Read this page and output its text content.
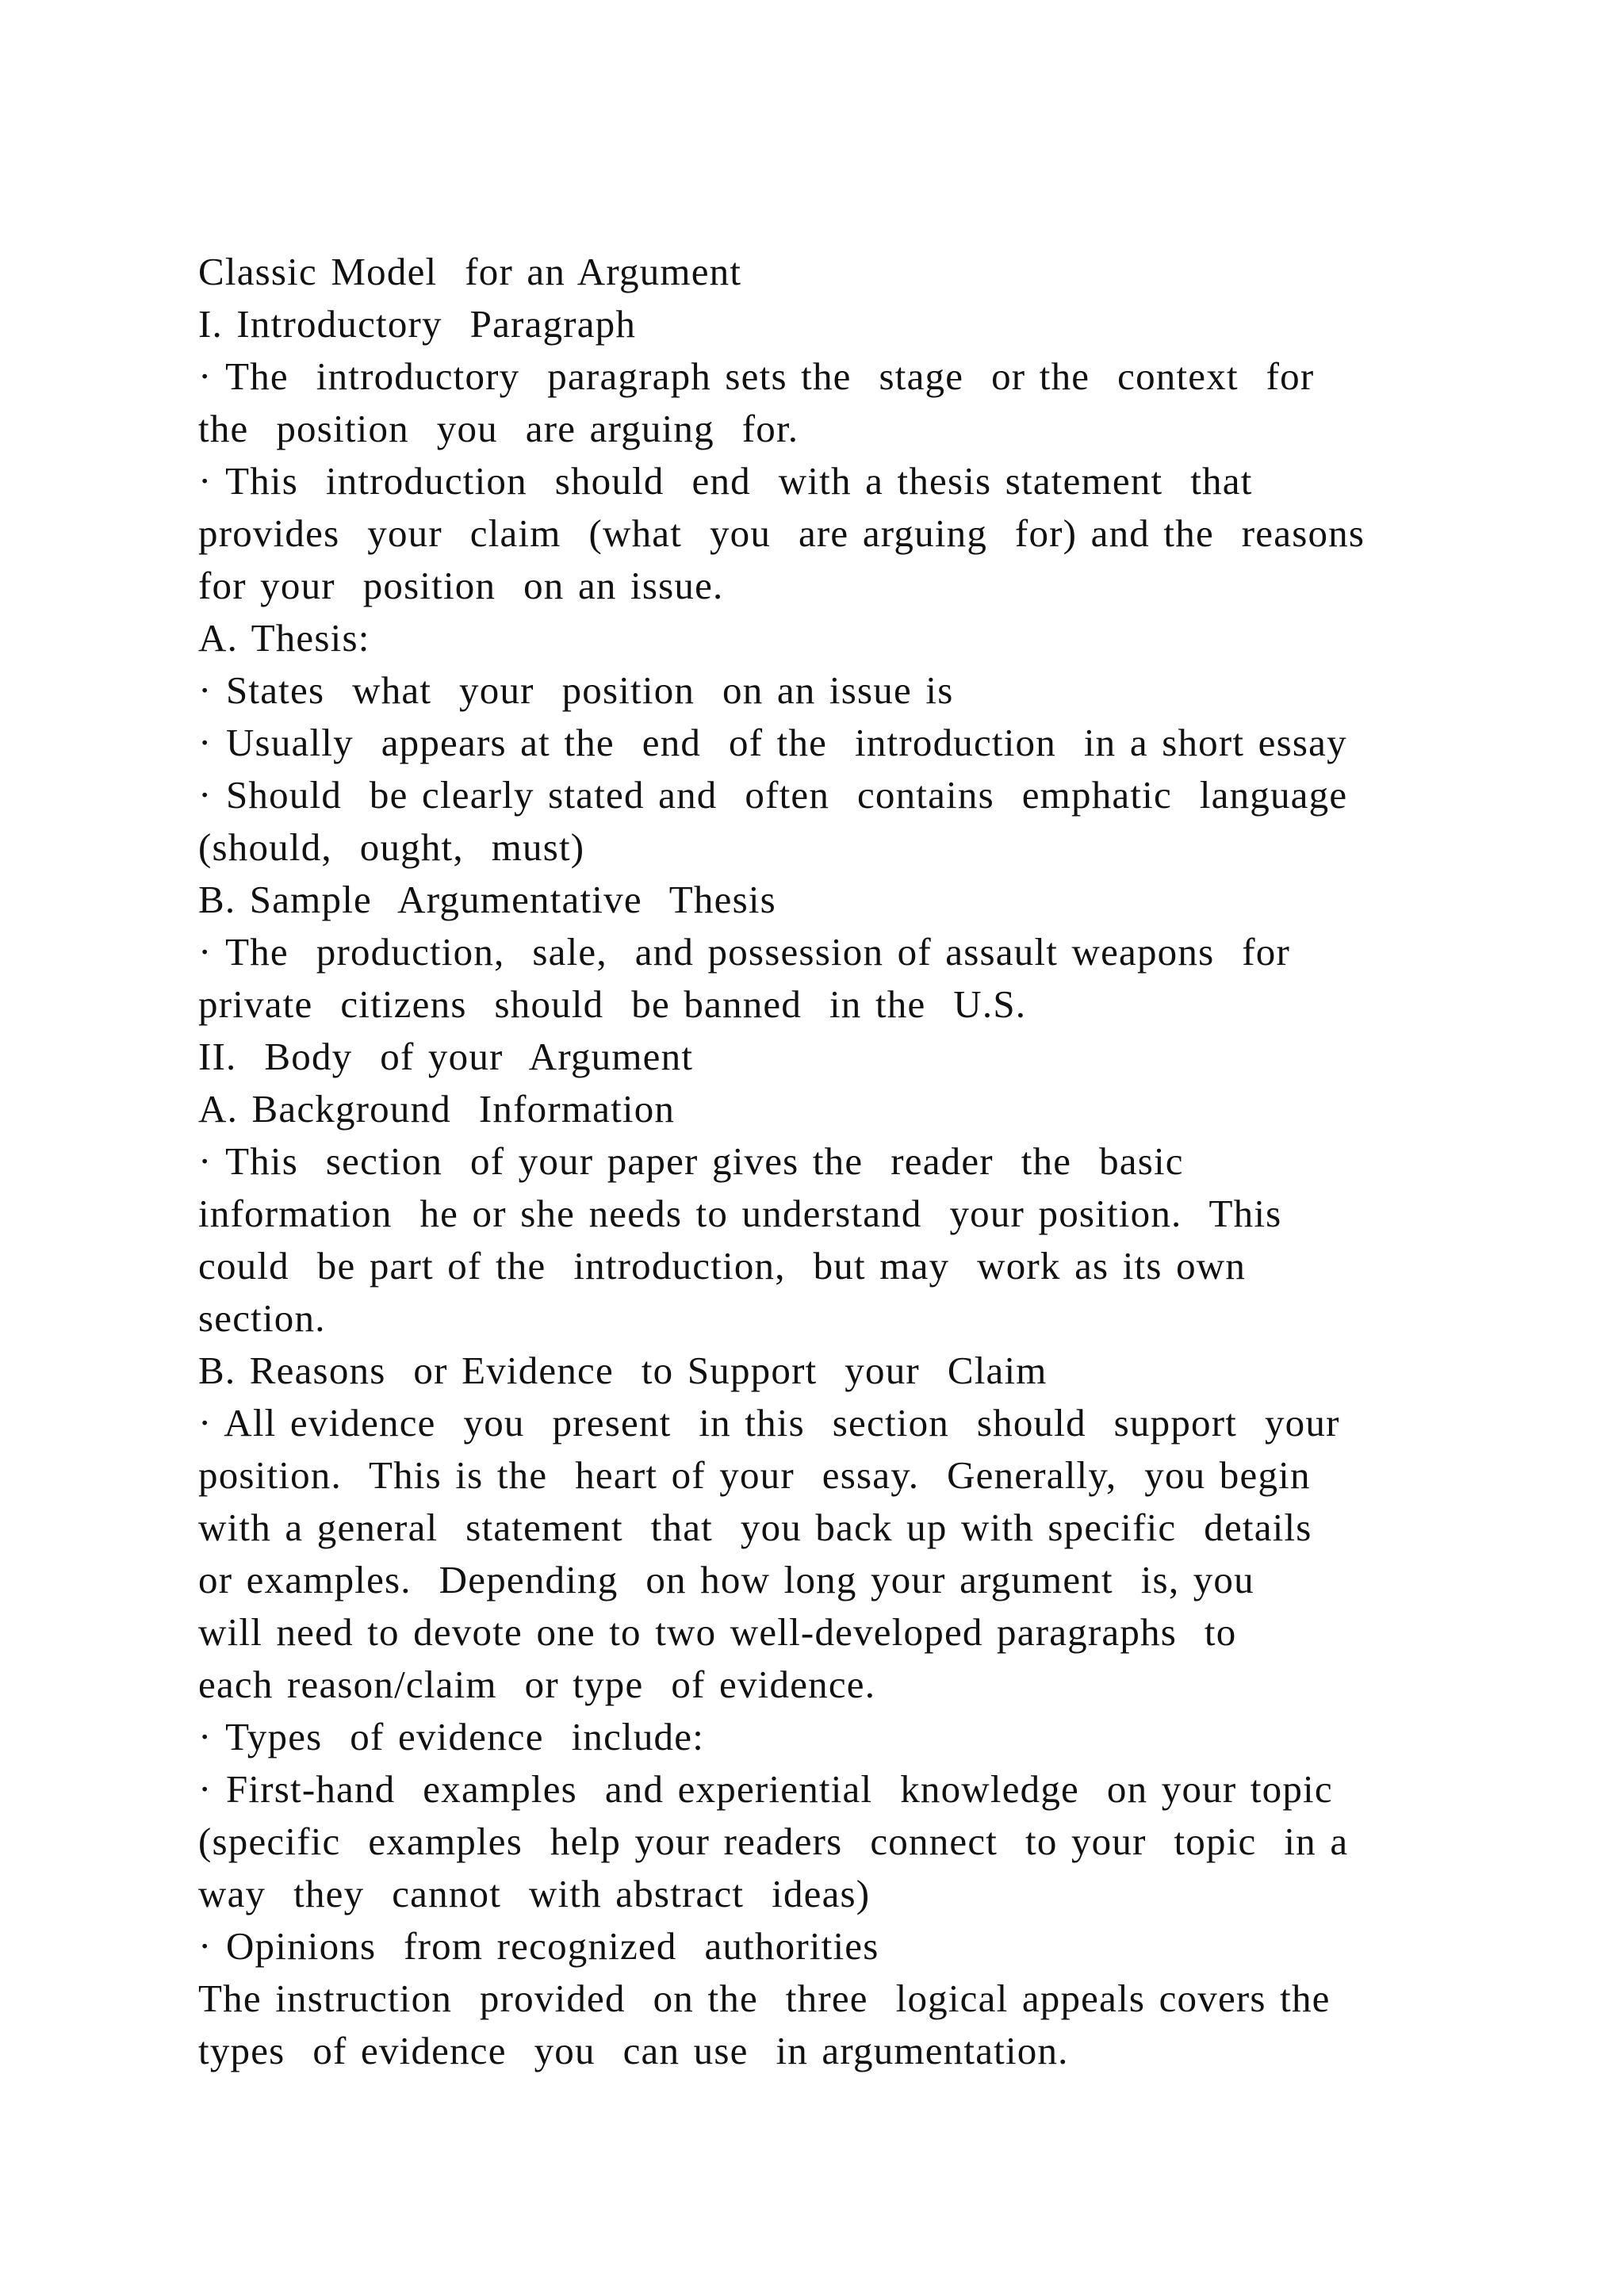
Classic Model  for an Argument
I. Introductory  Paragraph
· The  introductory  paragraph sets the  stage  or the  context  for
the  position  you  are arguing  for.
· This  introduction  should  end  with a thesis statement  that
provides  your  claim  (what  you  are arguing  for) and the  reasons
for your  position  on an issue.
A. Thesis:
· States  what  your  position  on an issue is
· Usually  appears at the  end  of the  introduction  in a short essay
· Should  be clearly stated and  often  contains  emphatic  language
(should,  ought,  must)
B. Sample  Argumentative  Thesis
· The  production,  sale,  and possession of assault weapons  for
private  citizens  should  be banned  in the  U.S.
II.  Body  of your  Argument
A. Background  Information
· This  section  of your paper gives the  reader  the  basic
information  he or she needs to understand  your position.  This
could  be part of the  introduction,  but may  work as its own
section.
B. Reasons  or Evidence  to Support  your  Claim
· All evidence  you  present  in this  section  should  support  your
position.  This is the  heart of your  essay.  Generally,  you begin
with a general  statement  that  you back up with specific  details
or examples.  Depending  on how long your argument  is, you
will need to devote one to two well-developed paragraphs  to
each reason/claim  or type  of evidence.
· Types  of evidence  include:
· First-hand  examples  and experiential  knowledge  on your topic
(specific  examples  help your readers  connect  to your  topic  in a
way  they  cannot  with abstract  ideas)
· Opinions  from recognized  authorities
The instruction  provided  on the  three  logical appeals covers the
types  of evidence  you  can use  in argumentation.
